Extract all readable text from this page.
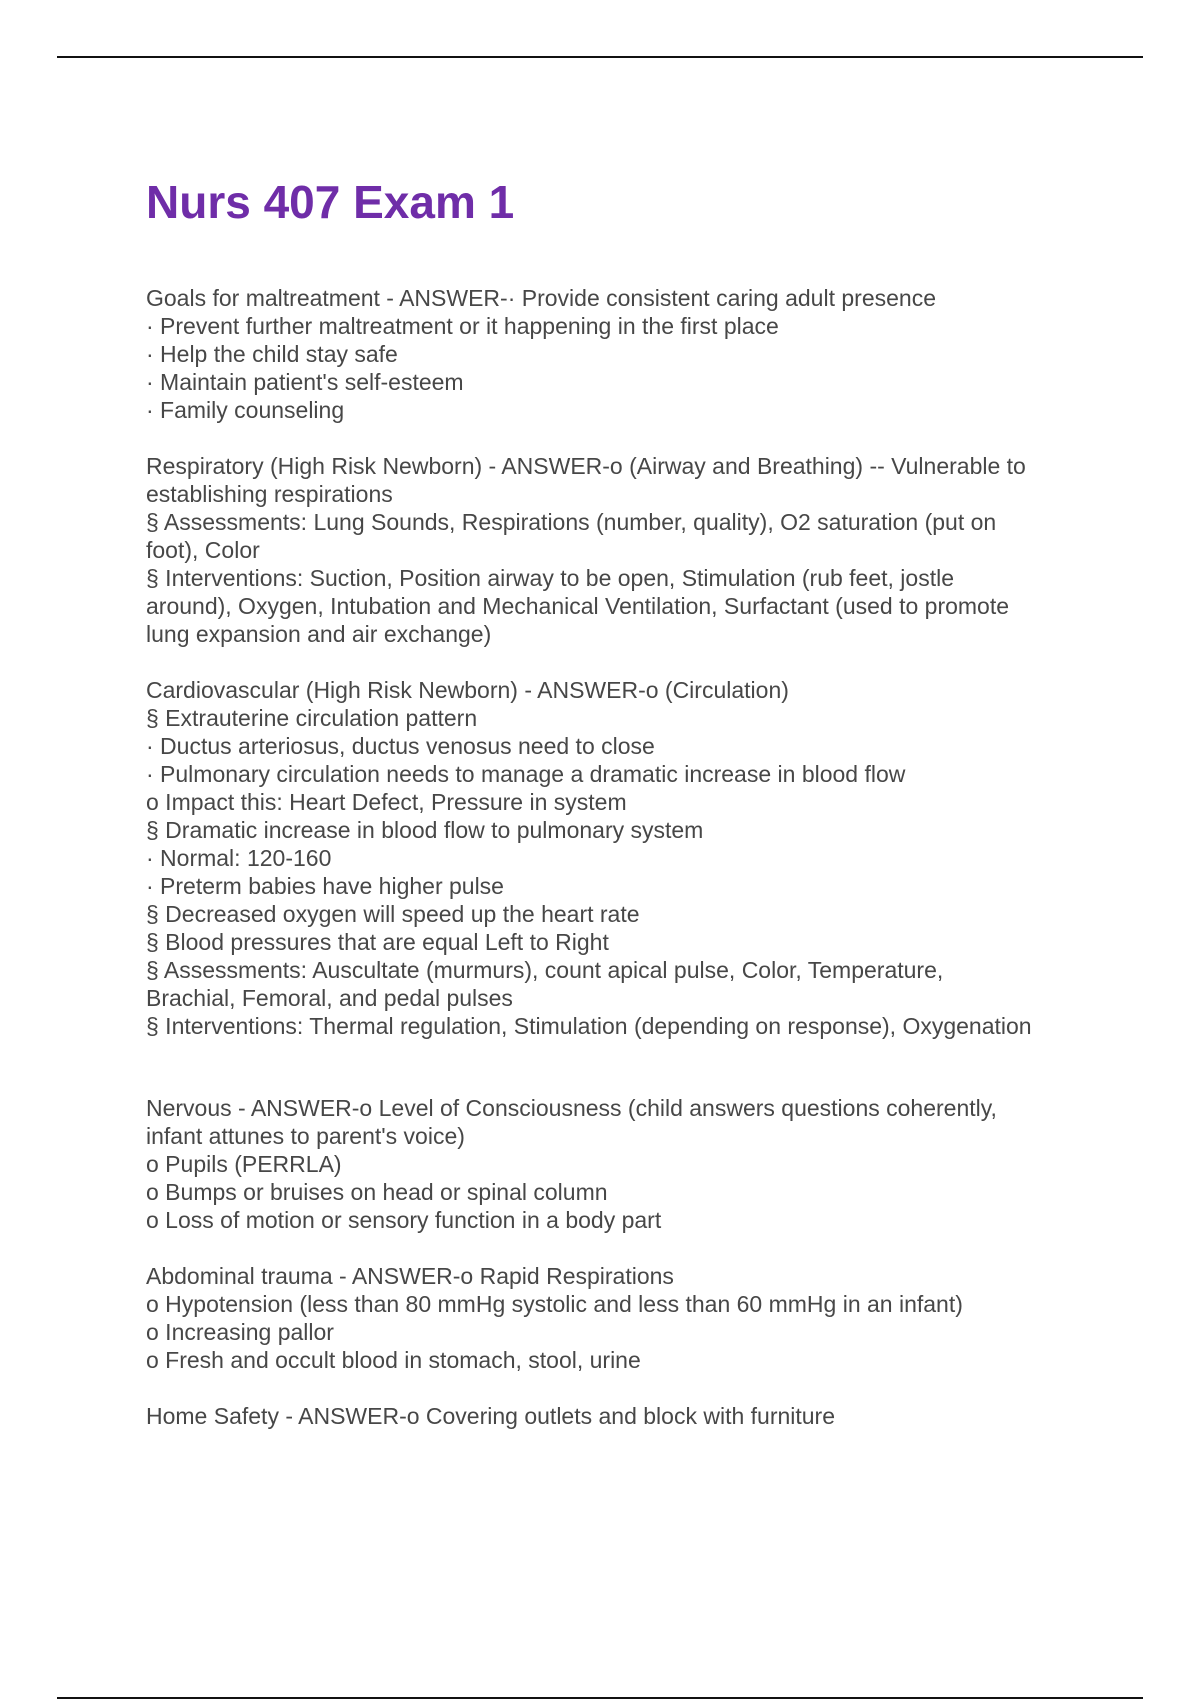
Nurs 407 Exam 1
Goals for maltreatment - ANSWER-· Provide consistent caring adult presence
· Prevent further maltreatment or it happening in the first place
· Help the child stay safe
· Maintain patient's self-esteem
· Family counseling
Respiratory (High Risk Newborn) - ANSWER-o (Airway and Breathing) -- Vulnerable to
establishing respirations
§ Assessments: Lung Sounds, Respirations (number, quality), O2 saturation (put on
foot), Color
§ Interventions: Suction, Position airway to be open, Stimulation (rub feet, jostle
around), Oxygen, Intubation and Mechanical Ventilation, Surfactant (used to promote
lung expansion and air exchange)
Cardiovascular (High Risk Newborn) - ANSWER-o (Circulation)
§ Extrauterine circulation pattern
· Ductus arteriosus, ductus venosus need to close
· Pulmonary circulation needs to manage a dramatic increase in blood flow
o Impact this: Heart Defect, Pressure in system
§ Dramatic increase in blood flow to pulmonary system
· Normal: 120-160
· Preterm babies have higher pulse
§ Decreased oxygen will speed up the heart rate
§ Blood pressures that are equal Left to Right
§ Assessments: Auscultate (murmurs), count apical pulse, Color, Temperature,
Brachial, Femoral, and pedal pulses
§ Interventions: Thermal regulation, Stimulation (depending on response), Oxygenation
Nervous - ANSWER-o Level of Consciousness (child answers questions coherently,
infant attunes to parent's voice)
o Pupils (PERRLA)
o Bumps or bruises on head or spinal column
o Loss of motion or sensory function in a body part
Abdominal trauma - ANSWER-o Rapid Respirations
o Hypotension (less than 80 mmHg systolic and less than 60 mmHg in an infant)
o Increasing pallor
o Fresh and occult blood in stomach, stool, urine
Home Safety - ANSWER-o Covering outlets and block with furniture
